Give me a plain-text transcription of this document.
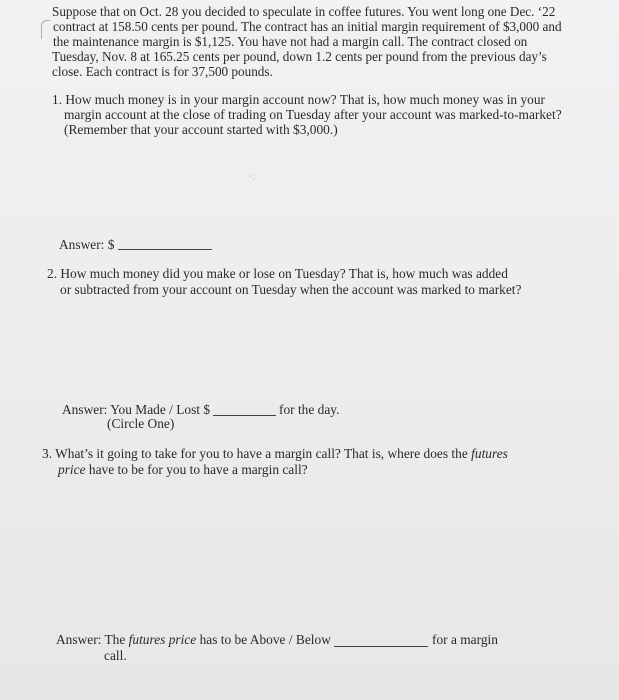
Suppose that on Oct. 28 you decided to speculate in coffee futures. You went long one Dec. ‘22
contract at 158.50 cents per pound. The contract has an initial margin requirement of $3,000 and
the maintenance margin is $1,125. You have not had a margin call. The contract closed on
Tuesday, Nov. 8 at 165.25 cents per pound, down 1.2 cents per pound from the previous day’s
close. Each contract is for 37,500 pounds.
1. How much money is in your margin account now? That is, how much money was in your
margin account at the close of trading on Tuesday after your account was marked-to-market?
(Remember that your account started with $3,000.)
·:
Answer: $
2. How much money did you make or lose on Tuesday? That is, how much was added
or subtracted from your account on Tuesday when the account was marked to market?
Answer: You Made / Lost $	for the day.
(Circle One)
3. What’s it going to take for you to have a margin call? That is, where does the futures
price have to be for you to have a margin call?
Answer: The futures price has to be Above / Below	for a margin
call.
